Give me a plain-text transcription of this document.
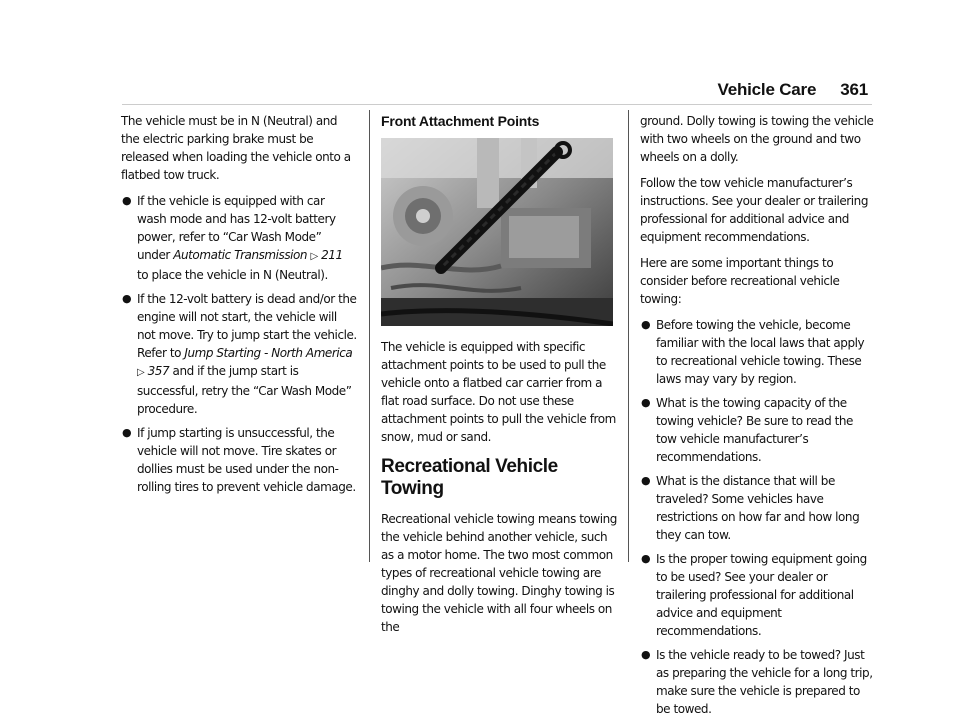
Vehicle Care 361

The vehicle must be in N (Neutral) and the electric parking brake must be released when loading the vehicle onto a flatbed tow truck.

● If the vehicle is equipped with car wash mode and has 12-volt battery power, refer to “Car Wash Mode” under Automatic Transmission ▷ 211 to place the vehicle in N (Neutral).
● If the 12-volt battery is dead and/or the engine will not start, the vehicle will not move. Try to jump start the vehicle. Refer to Jump Starting - North America ▷ 357 and if the jump start is successful, retry the “Car Wash Mode” procedure.
● If jump starting is unsuccessful, the vehicle will not move. Tire skates or dollies must be used under the non-rolling tires to prevent vehicle damage.
Front Attachment Points

The vehicle is equipped with specific attachment points to be used to pull the vehicle onto a flatbed car carrier from a flat road surface. Do not use these attachment points to pull the vehicle from snow, mud or sand.

Recreational Vehicle Towing

Recreational vehicle towing means towing the vehicle behind another vehicle, such as a motor home. The two most common types of recreational vehicle towing are dinghy and dolly towing. Dinghy towing is towing the vehicle with all four wheels on the

ground. Dolly towing is towing the vehicle with two wheels on the ground and two wheels on a dolly.

Follow the tow vehicle manufacturer’s instructions. See your dealer or trailering professional for additional advice and equipment recommendations.

Here are some important things to consider before recreational vehicle towing:

● Before towing the vehicle, become familiar with the local laws that apply to recreational vehicle towing. These laws may vary by region.
● What is the towing capacity of the towing vehicle? Be sure to read the tow vehicle manufacturer’s recommendations.
● What is the distance that will be traveled? Some vehicles have restrictions on how far and how long they can tow.
● Is the proper towing equipment going to be used? See your dealer or trailering professional for additional advice and equipment recommendations.
● Is the vehicle ready to be towed? Just as preparing the vehicle for a long trip, make sure the vehicle is prepared to be towed.
